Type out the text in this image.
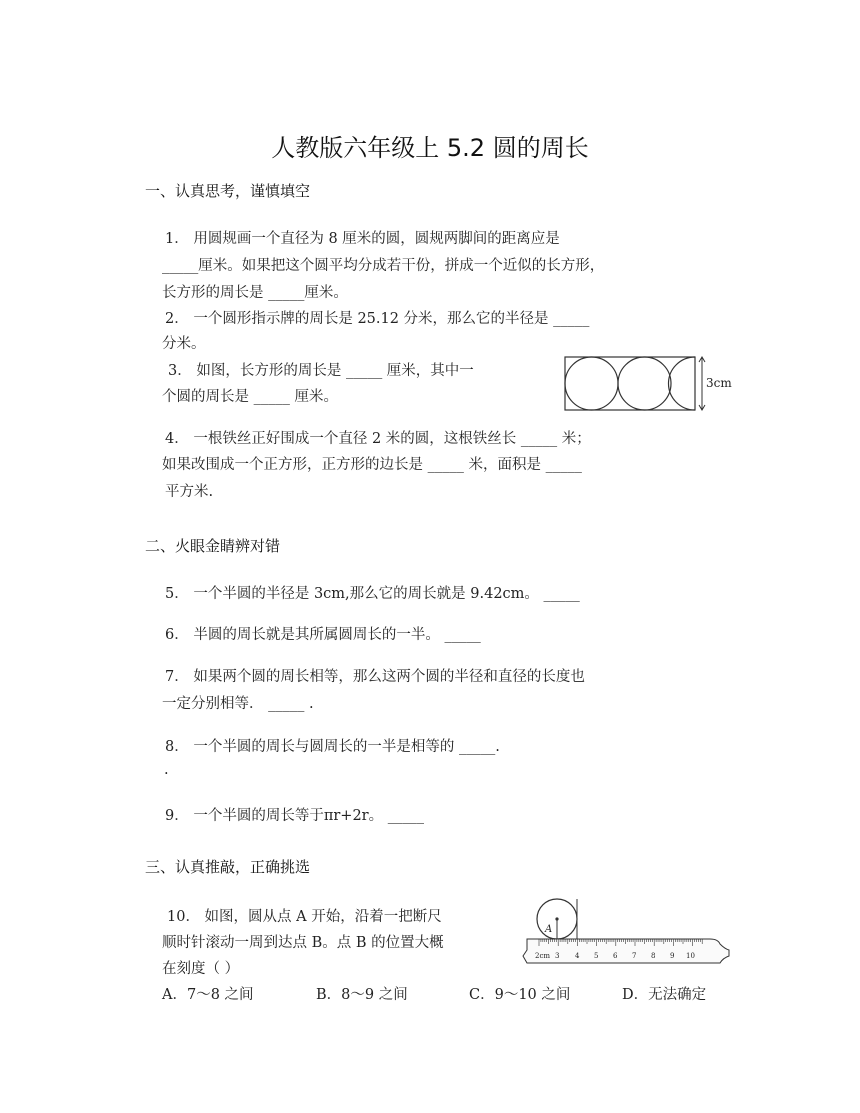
人教版六年级上 5.2 圆的周长
一、认真思考，谨慎填空
1． 用圆规画一个直径为 8 厘米的圆，圆规两脚间的距离应是
_____厘米。如果把这个圆平均分成若干份，拼成一个近似的长方形，
长方形的周长是 _____厘米。
2． 一个圆形指示牌的周长是 25.12 分米，那么它的半径是 _____
分米。
3． 如图，长方形的周长是 _____ 厘米，其中一
个圆的周长是 _____ 厘米。
3cm
4． 一根铁丝正好围成一个直径 2 米的圆，这根铁丝长 _____ 米；
如果改围成一个正方形，正方形的边长是 _____ 米，面积是 _____
平方米.
二、火眼金睛辨对错
5． 一个半圆的半径是 3cm,那么它的周长就是 9.42cm。 _____
6． 半圆的周长就是其所属圆周长的一半。 _____
7． 如果两个圆的周长相等，那么这两个圆的半径和直径的长度也
一定分别相等． _____ .
8． 一个半圆的周长与圆周长的一半是相等的 _____.
.
9． 一个半圆的周长等于πr+2r。 _____
三、认真推敲，正确挑选
10． 如图，圆从点 A 开始，沿着一把断尺
顺时针滚动一周到达点 B。点 B 的位置大概
在刻度（ ）
A
2cm 3 4 5 6 7 8 9 10
A．7～8 之间	B．8～9 之间	C．9～10 之间	D．无法确定
